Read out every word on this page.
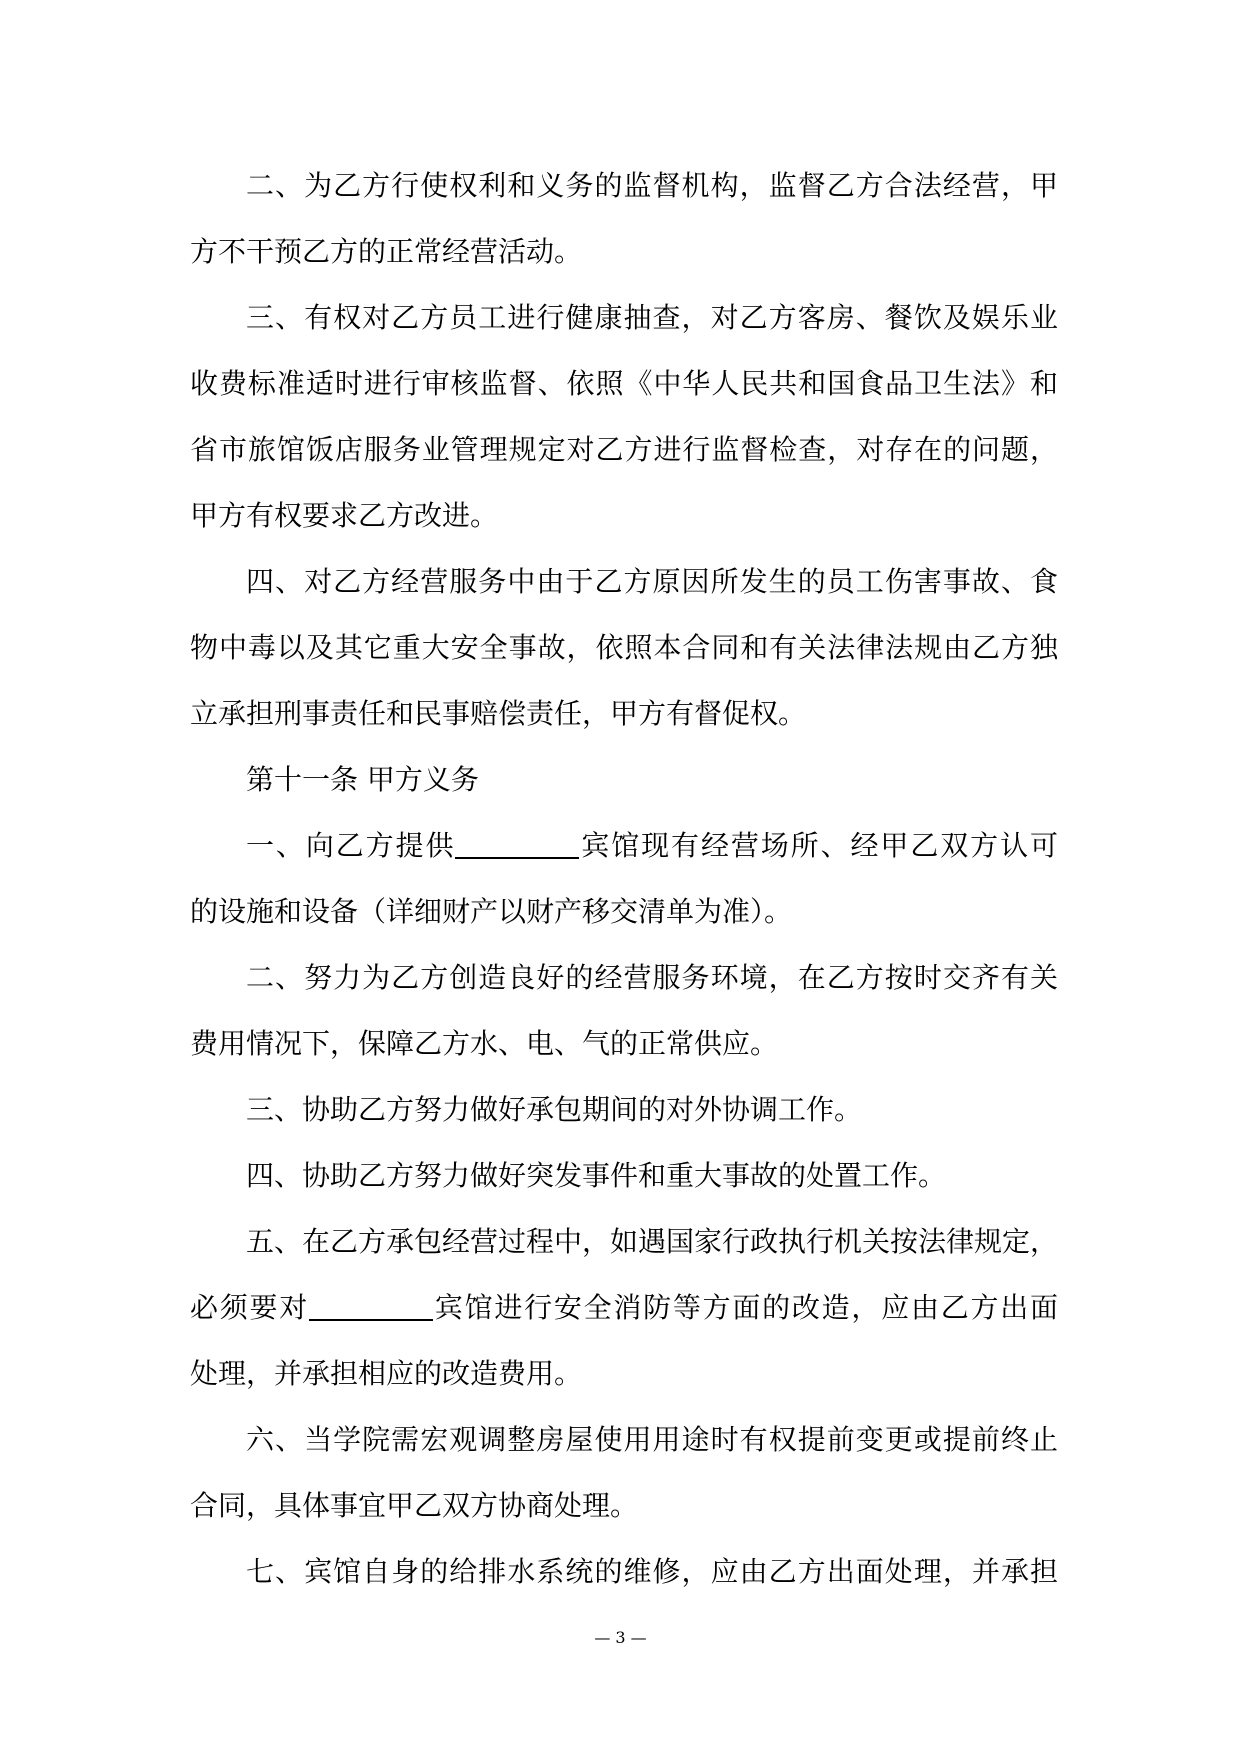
二、为乙方行使权利和义务的监督机构，监督乙方合法经营，甲
方不干预乙方的正常经营活动。
三、有权对乙方员工进行健康抽查，对乙方客房、餐饮及娱乐业
收费标准适时进行审核监督、依照《中华人民共和国食品卫生法》和
省市旅馆饭店服务业管理规定对乙方进行监督检查，对存在的问题，
甲方有权要求乙方改进。
四、对乙方经营服务中由于乙方原因所发生的员工伤害事故、食
物中毒以及其它重大安全事故，依照本合同和有关法律法规由乙方独
立承担刑事责任和民事赔偿责任，甲方有督促权。
第十一条 甲方义务
一、向乙方提供	宾馆现有经营场所、经甲乙双方认可
的设施和设备（详细财产以财产移交清单为准）。
二、努力为乙方创造良好的经营服务环境，在乙方按时交齐有关
费用情况下，保障乙方水、电、气的正常供应。
三、协助乙方努力做好承包期间的对外协调工作。
四、协助乙方努力做好突发事件和重大事故的处置工作。
五、在乙方承包经营过程中，如遇国家行政执行机关按法律规定，
必须要对	宾馆进行安全消防等方面的改造，应由乙方出面
处理，并承担相应的改造费用。
六、当学院需宏观调整房屋使用用途时有权提前变更或提前终止
合同，具体事宜甲乙双方协商处理。
七、宾馆自身的给排水系统的维修，应由乙方出面处理，并承担
— 3 —
